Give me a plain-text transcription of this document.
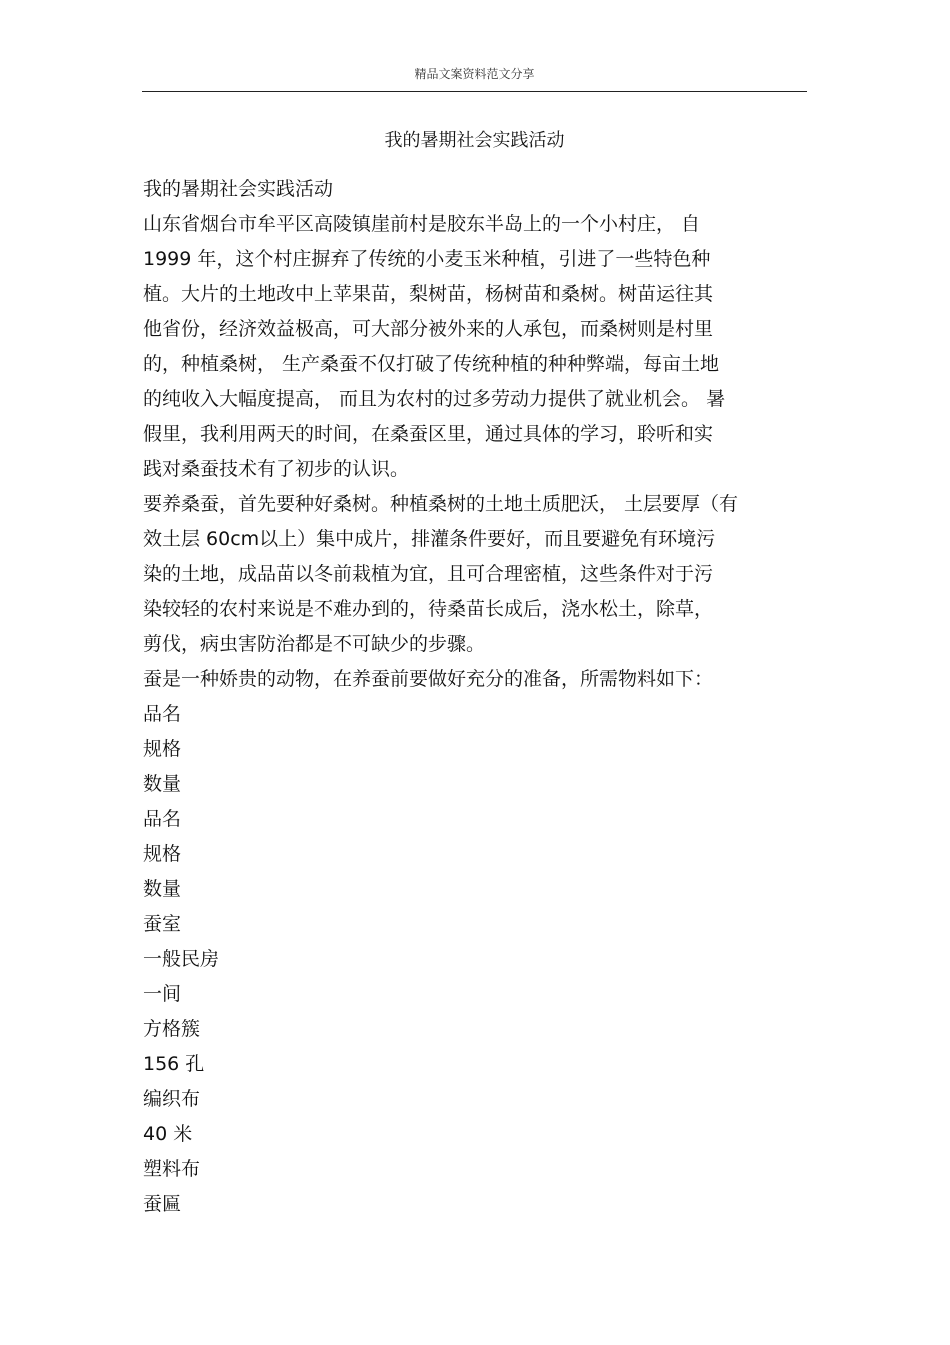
精品文案资料范文分享
我的暑期社会实践活动
我的暑期社会实践活动
山东省烟台市牟平区高陵镇崖前村是胶东半岛上的一个小村庄， 自
1999 年，这个村庄摒弃了传统的小麦玉米种植，引进了一些特色种
植。大片的土地改中上苹果苗，梨树苗，杨树苗和桑树。树苗运往其
他省份，经济效益极高，可大部分被外来的人承包，而桑树则是村里
的，种植桑树， 生产桑蚕不仅打破了传统种植的种种弊端，每亩土地
的纯收入大幅度提高， 而且为农村的过多劳动力提供了就业机会。 暑
假里，我利用两天的时间，在桑蚕区里，通过具体的学习，聆听和实
践对桑蚕技术有了初步的认识。
要养桑蚕，首先要种好桑树。种植桑树的土地土质肥沃， 土层要厚（有
效土层 60cm以上）集中成片，排灌条件要好，而且要避免有环境污
染的土地，成品苗以冬前栽植为宜，且可合理密植，这些条件对于污
染较轻的农村来说是不难办到的，待桑苗长成后，浇水松土，除草，
剪伐，病虫害防治都是不可缺少的步骤。
蚕是一种娇贵的动物，在养蚕前要做好充分的准备，所需物料如下：
品名
规格
数量
品名
规格
数量
蚕室
一般民房
一间
方格簇
156 孔
编织布
40 米
塑料布
蚕匾
